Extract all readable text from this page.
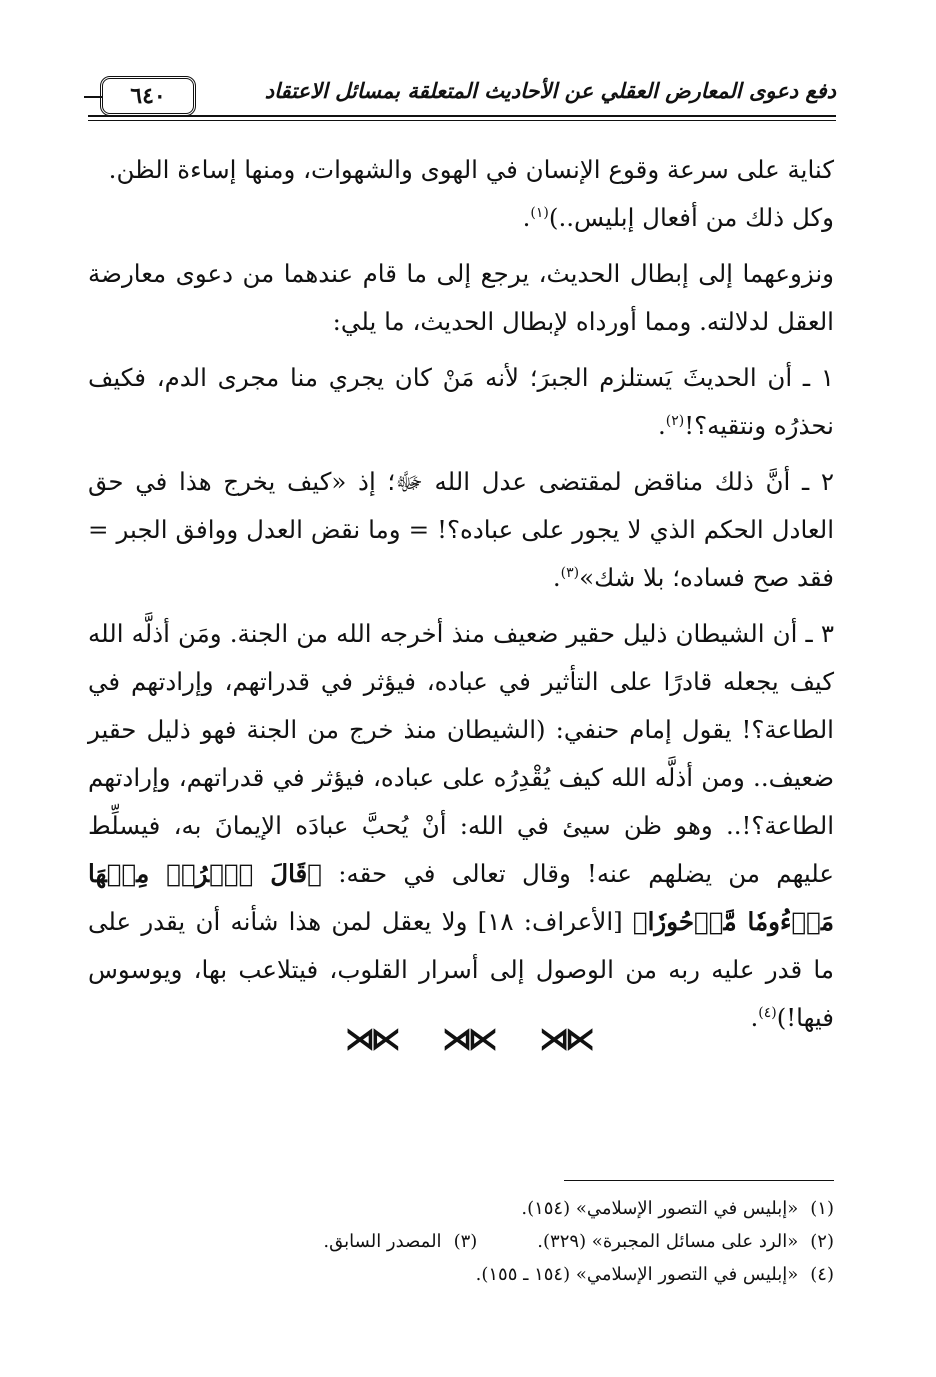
دفع دعوى المعارض العقلي عن الأحاديث المتعلقة بمسائل الاعتقاد
٦٤٠

كناية على سرعة وقوع الإنسان في الهوى والشهوات، ومنها إساءة الظن.
وكل ذلك من أفعال إبليس..)$^{(١)}$.

ونزوعهما إلى إبطال الحديث، يرجع إلى ما قام عندهما من دعوى معارضة العقل لدلالته. ومما أورداه لإبطال الحديث، ما يلي:

١ ـ أن الحديثَ يَستلزم الجبرَ؛ لأنه مَنْ كان يجري منا مجرى الدم، فكيف نحذرُه ونتقيه؟!$^{(٢)}$.

٢ ـ أنَّ ذلك مناقض لمقتضى عدل الله ﷻ؛ إذ «كيف يخرج هذا في حق العادل الحكم الذي لا يجور على عباده؟! = وما نقض العدل ووافق الجبر = فقد صح فساده؛ بلا شك»$^{(٣)}$.

٣ ـ أن الشيطان ذليل حقير ضعيف منذ أخرجه الله من الجنة. ومَن أذلَّه الله كيف يجعله قادرًا على التأثير في عباده، فيؤثر في قدراتهم، وإرادتهم في الطاعة؟! يقول إمام حنفي: (الشيطان منذ خرج من الجنة فهو ذليل حقير ضعيف.. ومن أذلَّه الله كيف يُقْدِرُه على عباده، فيؤثر في قدراتهم، وإرادتهم الطاعة؟!.. وهو ظن سيئ في الله: أنْ يُحبَّ عبادَه الإيمانَ به، فيسلِّط عليهم من يضلهم عنه! وقال تعالى في حقه: ﴿قَالَ ٱخۡرُجۡ مِنۡهَا مَذۡءُومٗا مَّدۡحُورٗا﴾ [الأعراف: ١٨] ولا يعقل لمن هذا شأنه أن يقدر على ما قدر عليه ربه من الوصول إلى أسرار القلوب، فيتلاعب بها، ويوسوس فيها!)$^{(٤)}$.

⋊⋉ ⋊⋉ ⋊⋉
(١)«إبليس في التصور الإسلامي» (١٥٤).
(٢)«الرد على مسائل المجبرة» (٣٢٩).(٣)المصدر السابق.
(٤)«إبليس في التصور الإسلامي» (١٥٤ ـ ١٥٥).
